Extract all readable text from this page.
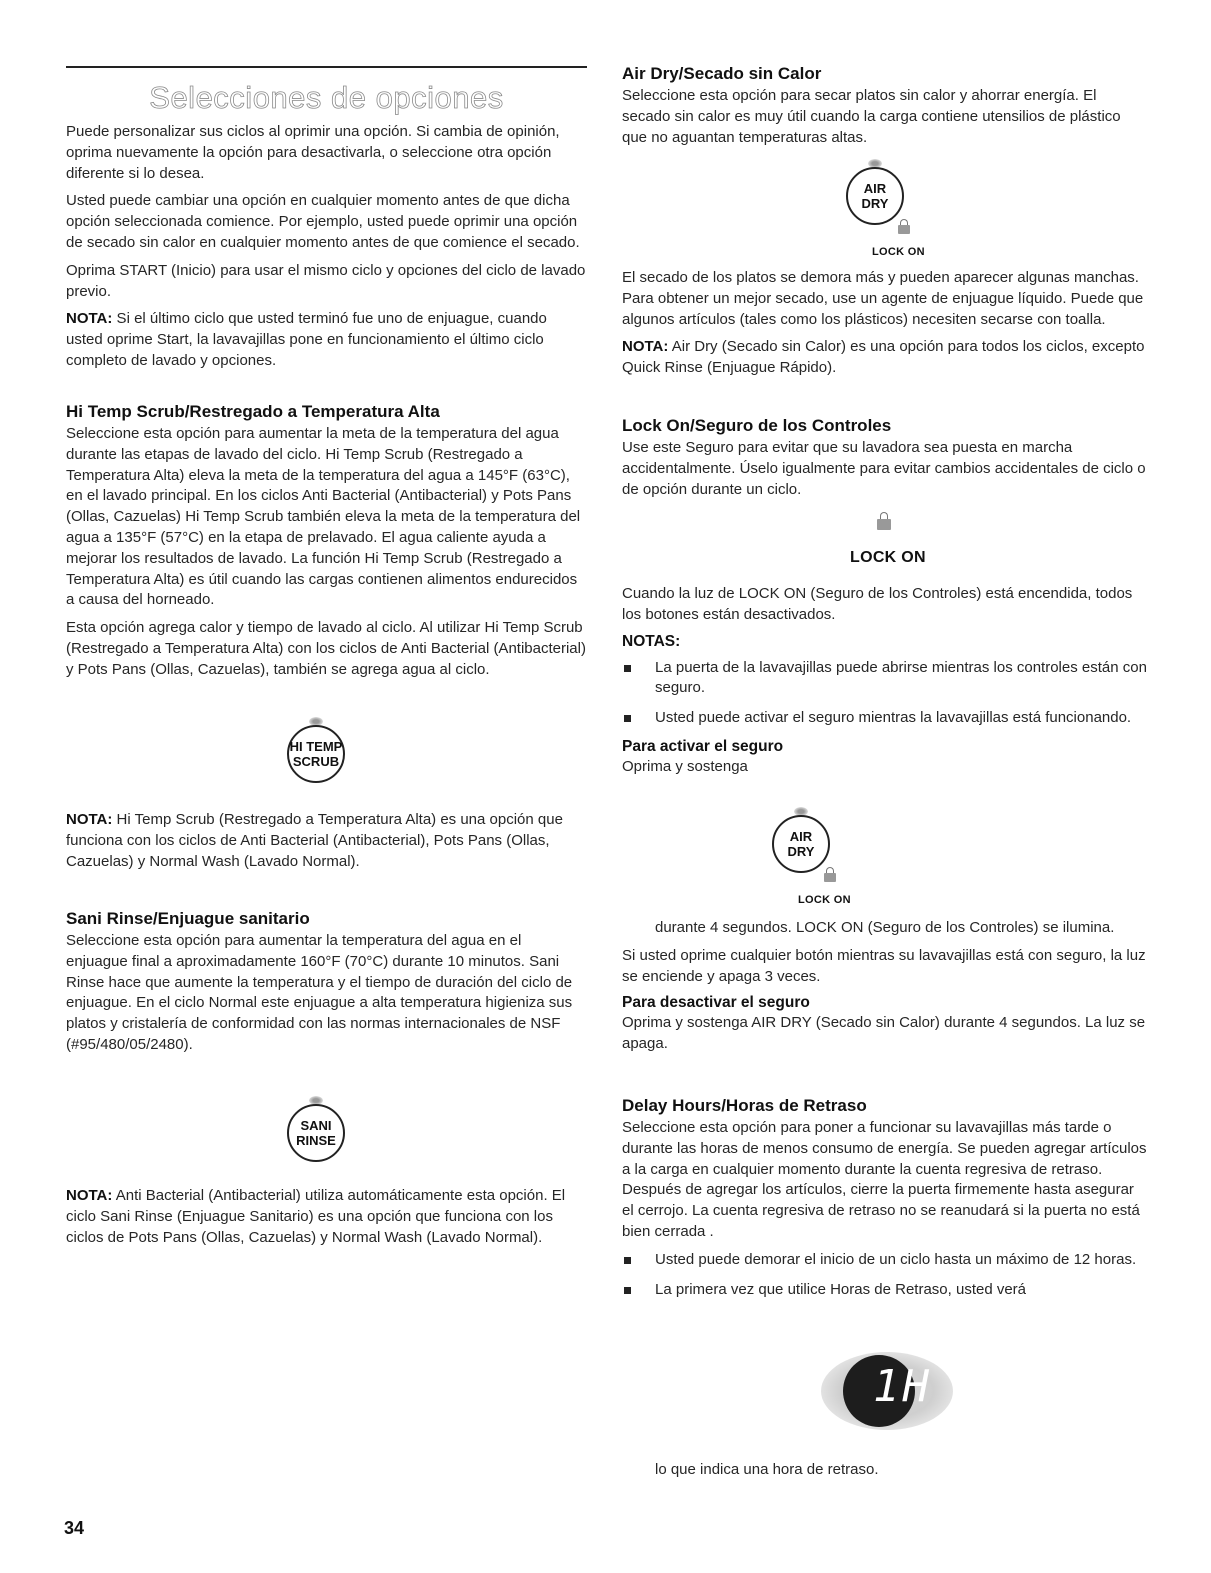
Selecciones de opciones

Puede personalizar sus ciclos al oprimir una opción. Si cambia de opinión, oprima nuevamente la opción para desactivarla, o seleccione otra opción diferente si lo desea.

Usted puede cambiar una opción en cualquier momento antes de que dicha opción seleccionada comience. Por ejemplo, usted puede oprimir una opción de secado sin calor en cualquier momento antes de que comience el secado.

Oprima START (Inicio) para usar el mismo ciclo y opciones del ciclo de lavado previo.

NOTA: Si el último ciclo que usted terminó fue uno de enjuague, cuando usted oprime Start, la lavavajillas pone en funcionamiento el último ciclo completo de lavado y opciones.

Hi Temp Scrub/Restregado a Temperatura Alta

Seleccione esta opción para aumentar la meta de la temperatura del agua durante las etapas de lavado del ciclo. Hi Temp Scrub (Restregado a Temperatura Alta) eleva la meta de la temperatura del agua a 145°F (63°C), en el lavado principal. En los ciclos Anti Bacterial (Antibacterial) y Pots Pans (Ollas, Cazuelas) Hi Temp Scrub también eleva la meta de la temperatura del agua a 135°F (57°C) en la etapa de prelavado. El agua caliente ayuda a mejorar los resultados de lavado. La función Hi Temp Scrub (Restregado a Temperatura Alta) es útil cuando las cargas contienen alimentos endurecidos a causa del horneado.

Esta opción agrega calor y tiempo de lavado al ciclo. Al utilizar Hi Temp Scrub (Restregado a Temperatura Alta) con los ciclos de Anti Bacterial (Antibacterial) y Pots Pans (Ollas, Cazuelas), también se agrega agua al ciclo.

HI TEMP
SCRUB

NOTA: Hi Temp Scrub (Restregado a Temperatura Alta) es una opción que funciona con los ciclos de Anti Bacterial (Antibacterial), Pots Pans (Ollas, Cazuelas) y Normal Wash (Lavado Normal).

Sani Rinse/Enjuague sanitario

Seleccione esta opción para aumentar la temperatura del agua en el enjuague final a aproximadamente 160°F (70°C) durante 10 minutos. Sani Rinse hace que aumente la temperatura y el tiempo de duración del ciclo de enjuague. En el ciclo Normal este enjuague a alta temperatura higieniza sus platos y cristalería de conformidad con las normas internacionales de NSF (#95/480/05/2480).

SANI
RINSE

NOTA: Anti Bacterial (Antibacterial) utiliza automáticamente esta opción. El ciclo Sani Rinse (Enjuague Sanitario) es una opción que funciona con los ciclos de Pots Pans (Ollas, Cazuelas) y Normal Wash (Lavado Normal).

Air Dry/Secado sin Calor

Seleccione esta opción para secar platos sin calor y ahorrar energía. El secado sin calor es muy útil cuando la carga contiene utensilios de plástico que no aguantan temperaturas altas.

AIR
DRY
LOCK ON

El secado de los platos se demora más y pueden aparecer algunas manchas. Para obtener un mejor secado, use un agente de enjuague líquido. Puede que algunos artículos (tales como los plásticos) necesiten secarse con toalla.

NOTA: Air Dry (Secado sin Calor) es una opción para todos los ciclos, excepto Quick Rinse (Enjuague Rápido).

Lock On/Seguro de los Controles

Use este Seguro para evitar que su lavadora sea puesta en marcha accidentalmente. Úselo igualmente para evitar cambios accidentales de ciclo o de opción durante un ciclo.

LOCK ON

Cuando la luz de LOCK ON (Seguro de los Controles) está encendida, todos los botones están desactivados.

NOTAS:
La puerta de la lavavajillas puede abrirse mientras los controles están con seguro.
Usted puede activar el seguro mientras la lavavajillas está funcionando.
Para activar el seguro

Oprima y sostenga

AIR
DRY
LOCK ON

durante 4 segundos. LOCK ON (Seguro de los Controles) se ilumina.

Si usted oprime cualquier botón mientras su lavavajillas está con seguro, la luz se enciende y apaga 3 veces.

Para desactivar el seguro

Oprima y sostenga AIR DRY (Secado sin Calor) durante 4 segundos. La luz se apaga.

Delay Hours/Horas de Retraso

Seleccione esta opción para poner a funcionar su lavavajillas más tarde o durante las horas de menos consumo de energía. Se pueden agregar artículos a la carga en cualquier momento durante la cuenta regresiva de retraso. Después de agregar los artículos, cierre la puerta firmemente hasta asegurar el cerrojo. La cuenta regresiva de retraso no se reanudará si la puerta no está bien cerrada .

Usted puede demorar el inicio de un ciclo hasta un máximo de 12 horas.
La primera vez que utilice Horas de Retraso, usted verá

lo que indica una hora de retraso.

1H
34
